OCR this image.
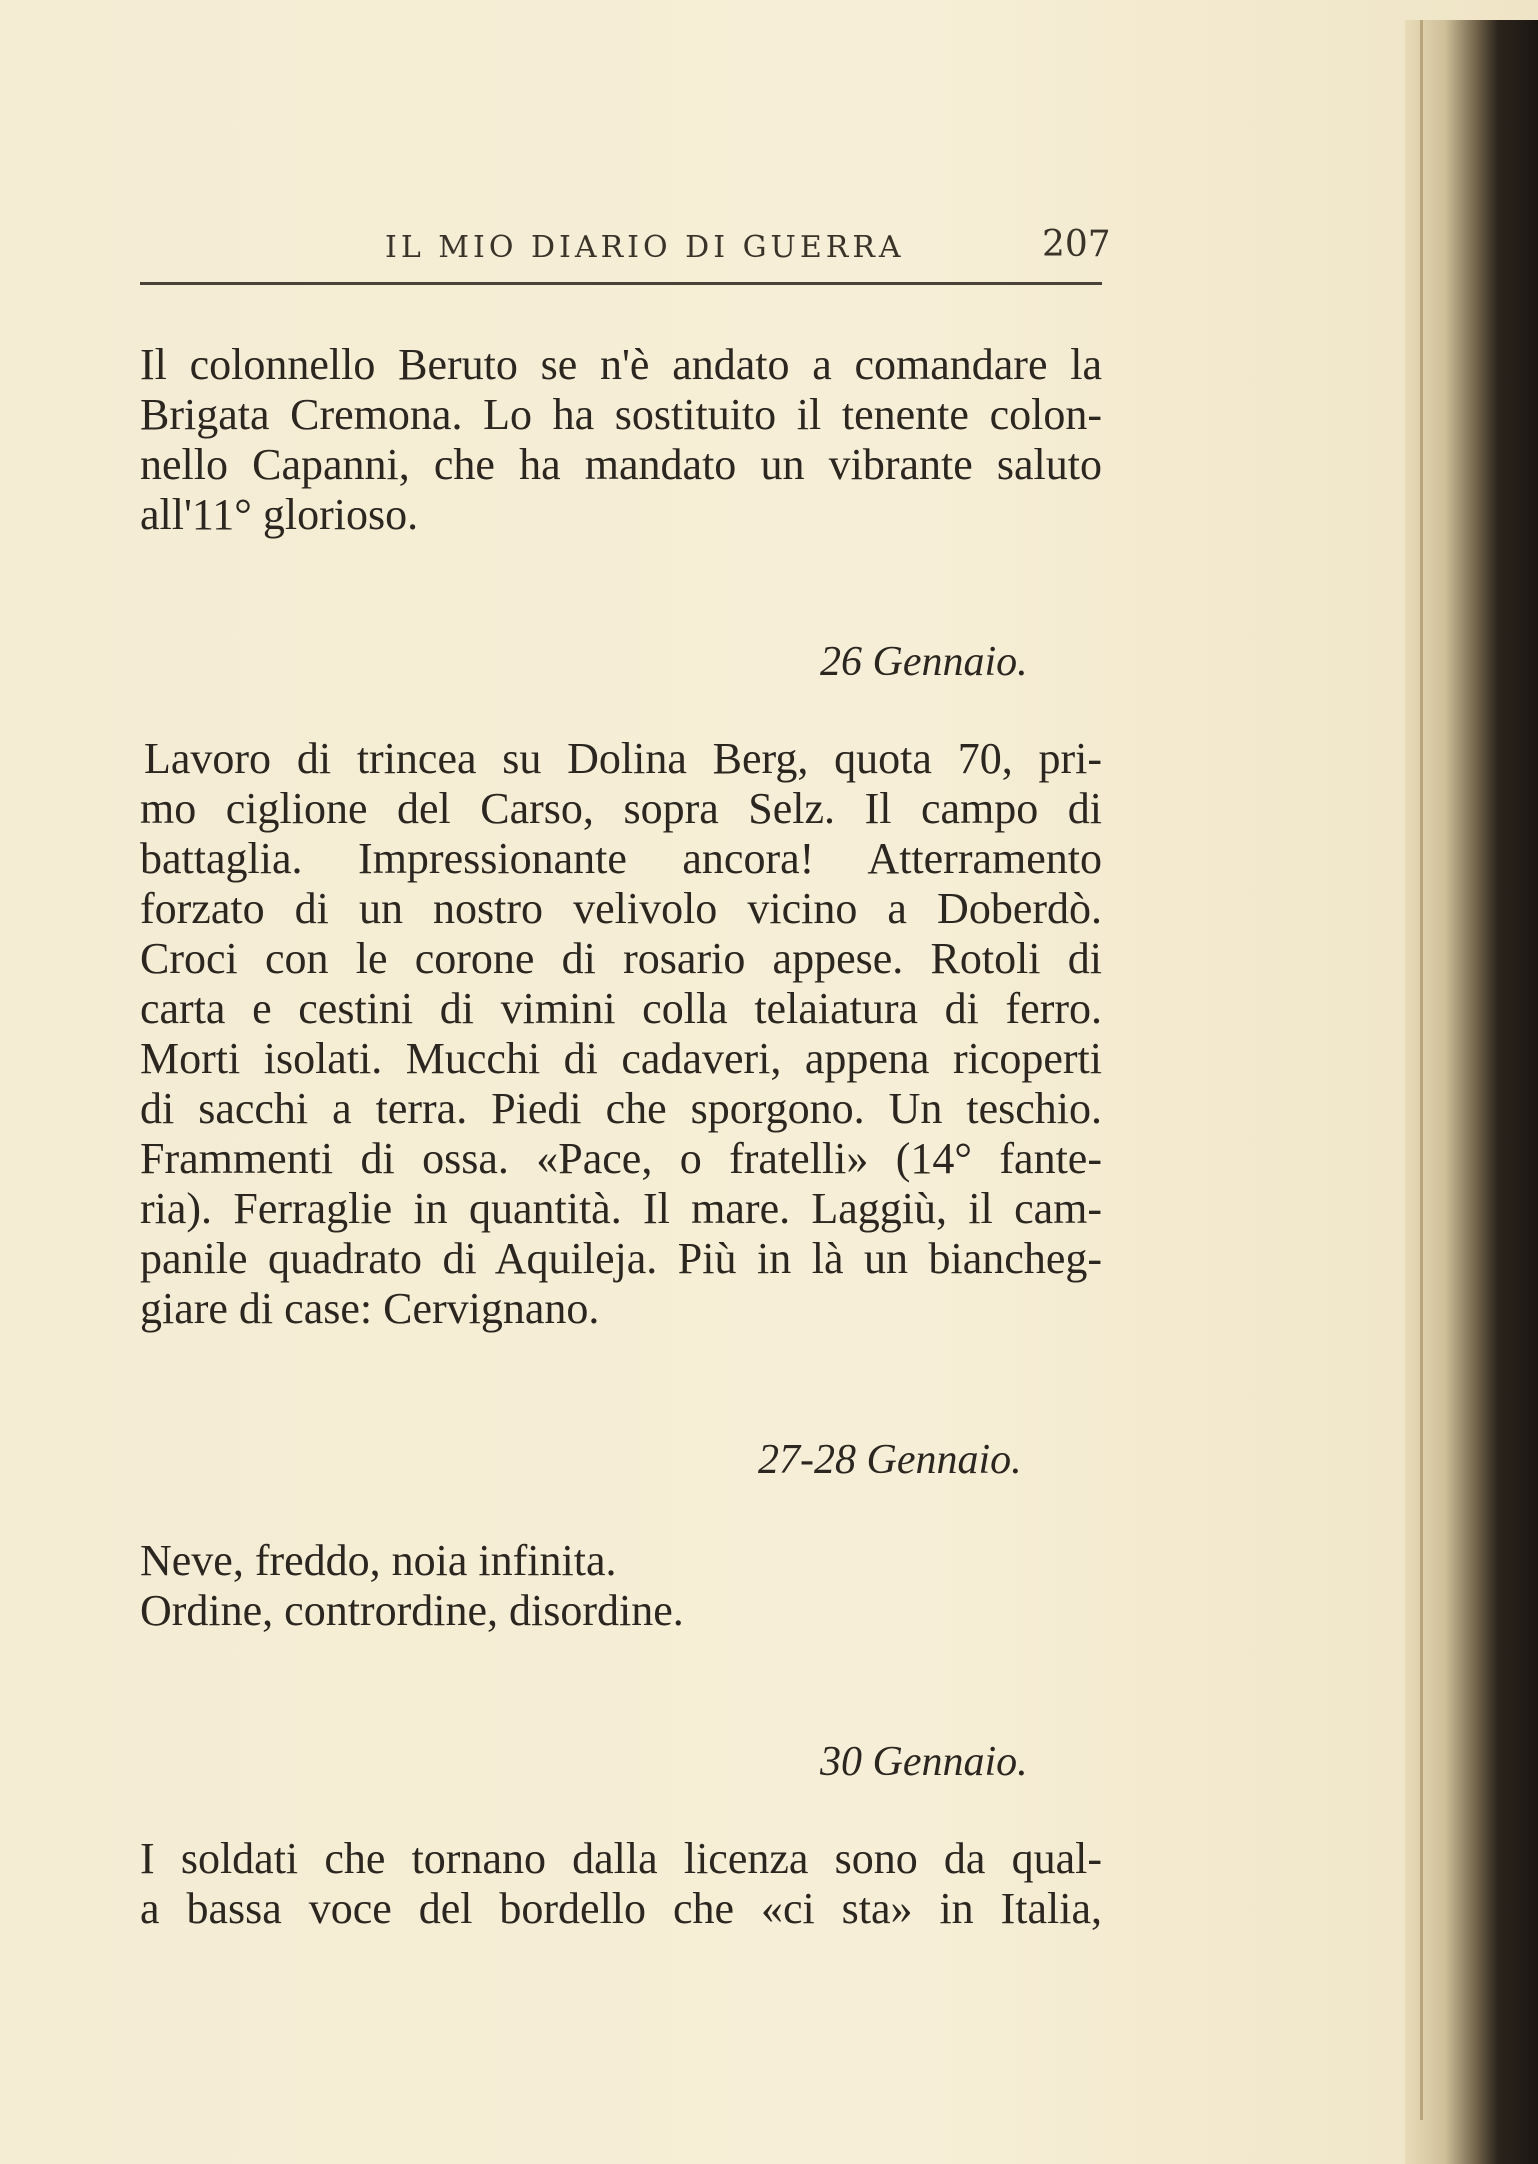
IL MIO DIARIO DI GUERRA	207
Il colonnello Beruto se n'è andato a comandare la
Brigata Cremona. Lo ha sostituito il tenente colon-
nello Capanni, che ha mandato un vibrante saluto
all'11° glorioso.
26 Gennaio.
Lavoro di trincea su Dolina Berg, quota 70, pri-
mo ciglione del Carso, sopra Selz. Il campo di
battaglia. Impressionante ancora! Atterramento
forzato di un nostro velivolo vicino a Doberdò.
Croci con le corone di rosario appese. Rotoli di
carta e cestini di vimini colla telaiatura di ferro.
Morti isolati. Mucchi di cadaveri, appena ricoperti
di sacchi a terra. Piedi che sporgono. Un teschio.
Frammenti di ossa. «Pace, o fratelli» (14° fante-
ria). Ferraglie in quantità. Il mare. Laggiù, il cam-
panile quadrato di Aquileja. Più in là un biancheg-
giare di case: Cervignano.
27-28 Gennaio.
Neve, freddo, noia infinita.
Ordine, contrordine, disordine.
30 Gennaio.
I soldati che tornano dalla licenza sono da qual-
a bassa voce del bordello che «ci sta» in Italia,
